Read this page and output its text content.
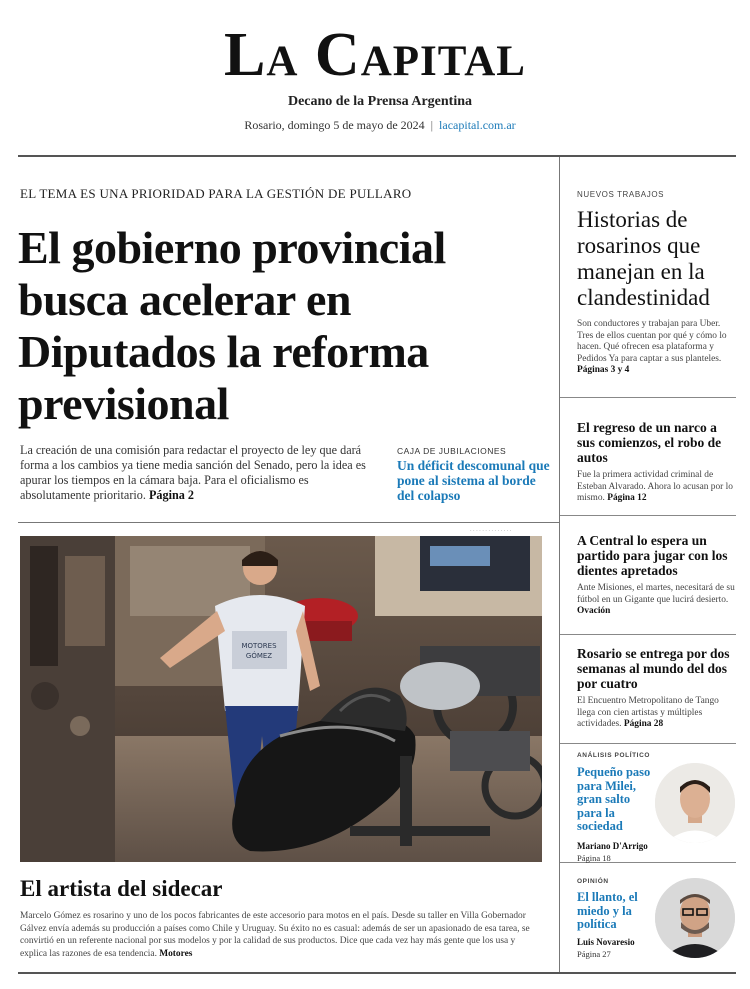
La Capital
Decano de la Prensa Argentina
Rosario, domingo 5 de mayo de 2024 | lacapital.com.ar
EL TEMA ES UNA PRIORIDAD PARA LA GESTIÓN DE PULLARO
El gobierno provincial busca acelerar en Diputados la reforma previsional
La creación de una comisión para redactar el proyecto de ley que dará forma a los cambios ya tiene media sanción del Senado, pero la idea es apurar los tiempos en la cámara baja. Para el oficialismo es absolutamente prioritario. Página 2
CAJA DE JUBILACIONES
Un déficit descomunal que pone al sistema al borde del colapso
MOTORES
GÓMEZ
· · · · · · · · · · · · · ·
El artista del sidecar
Marcelo Gómez es rosarino y uno de los pocos fabricantes de este accesorio para motos en el país. Desde su taller en Villa Gobernador Gálvez envía además su producción a países como Chile y Uruguay. Su éxito no es casual: además de ser un apasionado de esa tarea, se convirtió en un referente nacional por sus modelos y por la calidad de sus productos. Dice que cada vez hay más gente que los usa y explica las razones de esa tendencia. Motores
NUEVOS TRABAJOS
Historias de rosarinos que manejan en la clandestinidad
Son conductores y trabajan para Uber. Tres de ellos cuentan por qué y cómo lo hacen. Qué ofrecen esa plataforma y Pedidos Ya para captar a sus planteles. Páginas 3 y 4
El regreso de un narco a sus comienzos, el robo de autos
Fue la primera actividad criminal de Esteban Alvarado. Ahora lo acusan por lo mismo. Página 12
A Central lo espera un partido para jugar con los dientes apretados
Ante Misiones, el martes, necesitará de su fútbol en un Gigante que lucirá desierto. Ovación
Rosario se entrega por dos semanas al mundo del dos por cuatro
El Encuentro Metropolitano de Tango llega con cien artistas y múltiples actividades. Página 28
ANÁLISIS POLÍTICO
Pequeño paso para Milei, gran salto para la sociedad
Mariano D'Arrigo
Página 18
OPINIÓN
El llanto, el miedo y la política
Luis Novaresio
Página 27
